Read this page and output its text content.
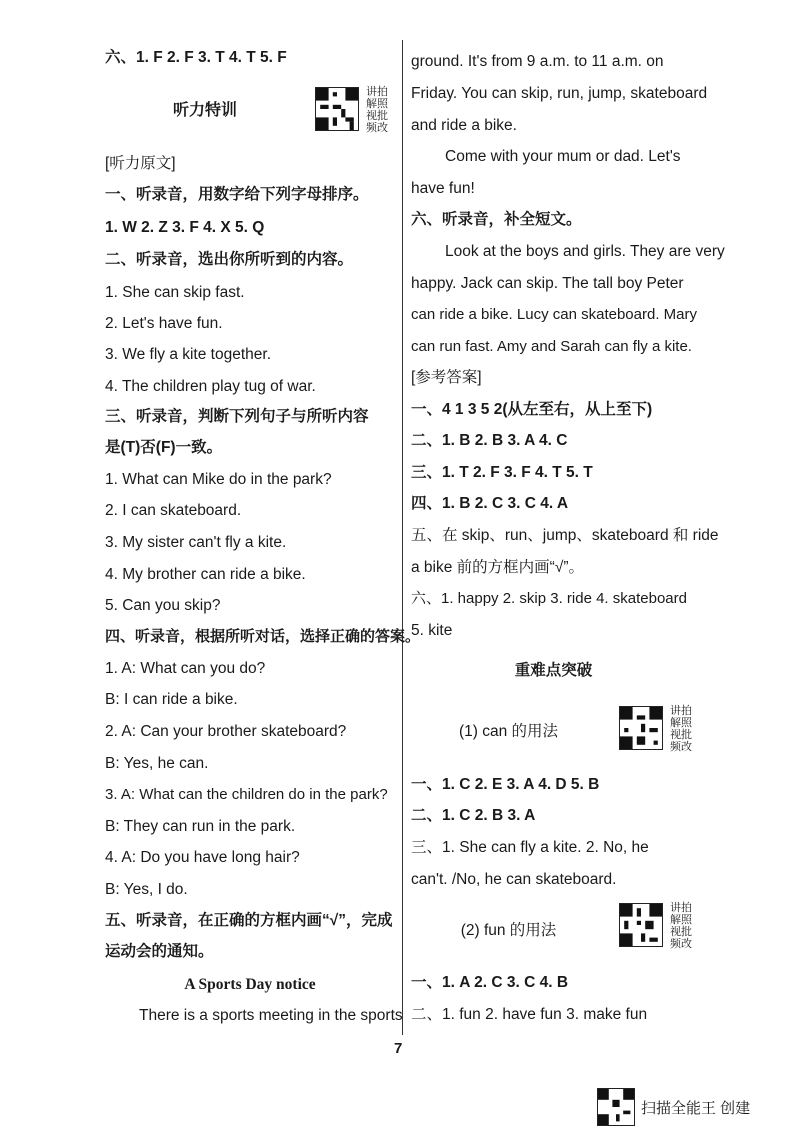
六、1. F 2. F 3. T 4. T 5. F
听力特训
讲拍解照视批频改
[听力原文]
一、听录音，用数字给下列字母排序。
1. W 2. Z 3. F 4. X 5. Q
二、听录音，选出你所听到的内容。
1. She can skip fast.
2. Let's have fun.
3. We fly a kite together.
4. The children play tug of war.
三、听录音，判断下列句子与所听内容
是(T)否(F)一致。
1. What can Mike do in the park?
2. I can skateboard.
3. My sister can't fly a kite.
4. My brother can ride a bike.
5. Can you skip?
四、听录音，根据所听对话，选择正确的答案。
1. A: What can you do?
B: I can ride a bike.
2. A: Can your brother skateboard?
B: Yes, he can.
3. A: What can the children do in the park?
B: They can run in the park.
4. A: Do you have long hair?
B: Yes, I do.
五、听录音，在正确的方框内画“√”，完成
运动会的通知。
A Sports Day notice
There is a sports meeting in the sports
ground. It's from 9 a.m. to 11 a.m. on
Friday. You can skip, run, jump, skateboard
and ride a bike.
Come with your mum or dad. Let's
have fun!
六、听录音，补全短文。
Look at the boys and girls. They are very
happy. Jack can skip. The tall boy Peter
can ride a bike. Lucy can skateboard. Mary
can run fast. Amy and Sarah can fly a kite.
[参考答案]
一、4 1 3 5 2(从左至右，从上至下)
二、1. B 2. B 3. A 4. C
三、1. T 2. F 3. F 4. T 5. T
四、1. B 2. C 3. C 4. A
五、在 skip、run、jump、skateboard 和 ride
a bike 前的方框内画“√”。
六、1. happy 2. skip 3. ride 4. skateboard
5. kite
重难点突破
(1) can 的用法
讲拍解照视批频改
一、1. C 2. E 3. A 4. D 5. B
二、1. C 2. B 3. A
三、1. She can fly a kite. 2. No, he
can't. /No, he can skateboard.
(2) fun 的用法
讲拍解照视批频改
一、1. A 2. C 3. C 4. B
二、1. fun 2. have fun 3. make fun
7
扫描全能王 创建
